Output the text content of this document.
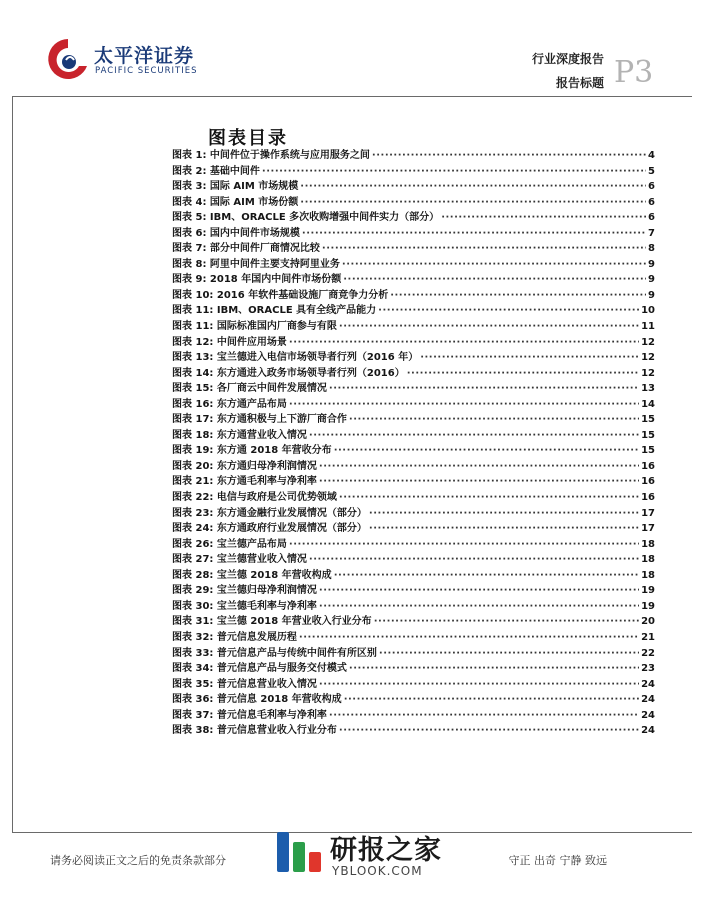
太平洋证券
PACIFIC SECURITIES
行业深度报告
报告标题 P3
图表目录
图表 1: 中间件位于操作系统与应用服务之间 ·····	4
图表 2: 基础中间件 ·····	5
图表 3: 国际 AIM 市场规模 ·····	6
图表 4: 国际 AIM 市场份额 ·····	6
图表 5: IBM、ORACLE 多次收购增强中间件实力（部分） ·····	6
图表 6: 国内中间件市场规模 ·····	7
图表 7: 部分中间件厂商情况比较 ·····	8
图表 8: 阿里中间件主要支持阿里业务 ·····	9
图表 9: 2018 年国内中间件市场份额 ·····	9
图表 10: 2016 年软件基础设施厂商竞争力分析 ·····	9
图表 11: IBM、ORACLE 具有全线产品能力 ·····	10
图表 11: 国际标准国内厂商参与有限 ·····	11
图表 12: 中间件应用场景 ·····	12
图表 13: 宝兰德进入电信市场领导者行列（2016 年） ·····	12
图表 14: 东方通进入政务市场领导者行列（2016） ·····	12
图表 15: 各厂商云中间件发展情况 ·····	13
图表 16: 东方通产品布局 ·····	14
图表 17: 东方通积极与上下游厂商合作 ·····	15
图表 18: 东方通营业收入情况 ·····	15
图表 19: 东方通 2018 年营收分布 ·····	15
图表 20: 东方通归母净利润情况 ·····	16
图表 21: 东方通毛利率与净利率 ·····	16
图表 22: 电信与政府是公司优势领域 ·····	16
图表 23: 东方通金融行业发展情况（部分） ·····	17
图表 24: 东方通政府行业发展情况（部分） ·····	17
图表 26: 宝兰德产品布局 ·····	18
图表 27: 宝兰德营业收入情况 ·····	18
图表 28: 宝兰德 2018 年营收构成 ·····	18
图表 29: 宝兰德归母净利润情况 ·····	19
图表 30: 宝兰德毛利率与净利率 ·····	19
图表 31: 宝兰德 2018 年营业收入行业分布 ·····	20
图表 32: 普元信息发展历程 ·····	21
图表 33: 普元信息产品与传统中间件有所区别 ·····	22
图表 34: 普元信息产品与服务交付模式 ·····	23
图表 35: 普元信息营业收入情况 ·····	24
图表 36: 普元信息 2018 年营收构成 ·····	24
图表 37: 普元信息毛利率与净利率 ·····	24
图表 38: 普元信息营业收入行业分布 ·····	24
请务必阅读正文之后的免责条款部分	守正 出奇 宁静 致远
研报之家
YBLOOK.COM
